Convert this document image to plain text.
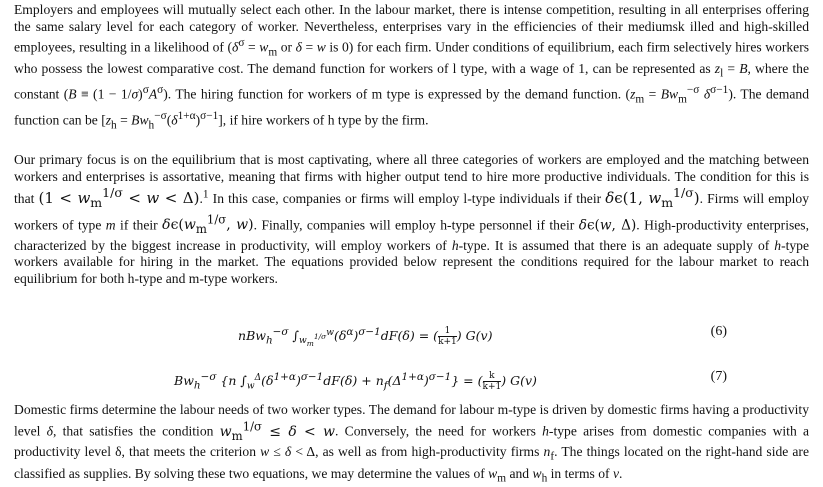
Employers and employees will mutually select each other. In the labour market, there is intense competition, resulting in all enterprises offering the same salary level for each category of worker. Nevertheless, enterprises vary in the efficiencies of their mediumsk illed and high-skilled employees, resulting in a likelihood of ($\delta^\sigma = w_m$ or δ = w is 0) for each firm. Under conditions of equilibrium, each firm selectively hires workers who possess the lowest comparative cost. The demand function for workers of l type, with a wage of 1, can be represented as $z_l = B$, where the constant $(B \equiv (1 - 1/\sigma)^\sigma A^\sigma)$. The hiring function for workers of m type is expressed by the demand function. ($z_m = Bw_m^{-\sigma}$ $\delta^{\sigma-1}$). The demand function can be $[z_h = Bw_h^{-\sigma}(\delta^{1+\alpha})^{\sigma-1}]$, if hire workers of h type by the firm.

Our primary focus is on the equilibrium that is most captivating, where all three categories of workers are employed and the matching between workers and enterprises is assortative, meaning that firms with higher output tend to hire more productive individuals. The condition for this is that $(1 < w_m^{1/\sigma} < w < \Delta).^1$ In this case, companies or firms will employ l-type individuals if their δϵ(1, $w_m^{1/\sigma}$). Firms will employ workers of type m if their $\delta\epsilon(w_m^{1/\sigma}$, w). Finally, companies will employ h-type personnel if their δϵ(w, Δ). High-productivity enterprises, characterized by the biggest increase in productivity, will employ workers of h-type. It is assumed that there is an adequate supply of h-type workers available for hiring in the market. The equations provided below represent the conditions required for the labour market to reach equilibrium for both h-type and m-type workers.

nBw$_h^{-\sigma}$ $\int_{w_m^{1/\sigma}}^w(\delta^\alpha)^{\sigma-1}dF(\delta)$ = ( $\frac{1}{k+1}$ ) G(v)	(6)
$Bw_h^{-\sigma}$ {n $\int_w^\Delta(\delta^{1+\alpha})^{\sigma-1}dF(\delta) + n_f(\Delta^{1+\alpha})^{\sigma-1}$} = ( $\frac{k}{k+1}$ ) G(v)	(7)

Domestic firms determine the labour needs of two worker types. The demand for labour m-type is driven by domestic firms having a productivity level δ, that satisfies the condition $w_m^{1/\sigma} \le \delta < w$. Conversely, the need for workers h-type arises from domestic companies with a productivity level δ, that meets the criterion w ≤ δ < Δ, as well as from high-productivity firms $n_f$. The things located on the right-hand side are classified as supplies. By solving these two equations, we may determine the values of $w_m$ and $w_h$ in terms of v.
